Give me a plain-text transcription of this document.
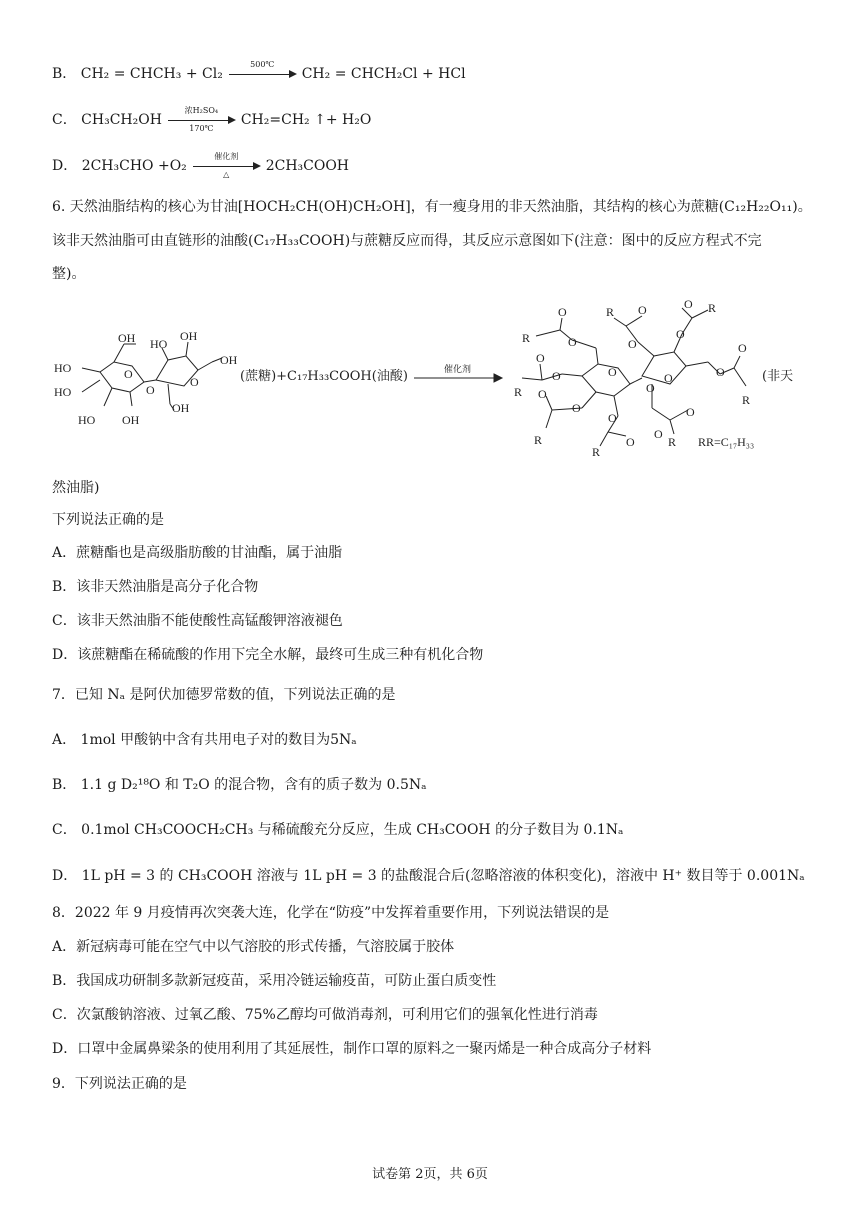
B． CH₂ = CHCH₃ + Cl₂
500℃
CH₂ = CHCH₂Cl + HCl
C． CH₃CH₂OH
浓H₂SO₄
170℃
CH₂=CH₂ ↑+ H₂O
D． 2CH₃CHO +O₂
催化剂
△
2CH₃COOH
6. 天然油脂结构的核心为甘油[HOCH₂CH(OH)CH₂OH]，有一瘦身用的非天然油脂，其结构的核心为蔗糖(C₁₂H₂₂O₁₁)。
该非天然油脂可由直链形的油酸(C₁₇H₃₃COOH)与蔗糖反应而得，其反应示意图如下(注意：图中的反应方程式不完
整)。
HO
HO
HO OH
OH
O
O
HO
OH
OH
O
OH
(蔗糖)+C₁₇H₃₃COOH(油酸)	催化剂
R
O
O
O
R
O
O
R
O
R
O
O
R O
O
O
O R
O
O
R
O
O
O
R
O
R
O
R=C₁₇H₃₃
(非天
然油脂)
下列说法正确的是
A．蔗糖酯也是高级脂肪酸的甘油酯，属于油脂
B．该非天然油脂是高分子化合物
C．该非天然油脂不能使酸性高锰酸钾溶液褪色
D．该蔗糖酯在稀硫酸的作用下完全水解，最终可生成三种有机化合物
7．已知 Nₐ 是阿伏加德罗常数的值，下列说法正确的是
A． 1mol 甲酸钠中含有共用电子对的数目为5Nₐ
B． 1.1 g D₂¹⁸O 和 T₂O 的混合物，含有的质子数为 0.5Nₐ
C． 0.1mol CH₃COOCH₂CH₃ 与稀硫酸充分反应，生成 CH₃COOH 的分子数目为 0.1Nₐ
D． 1L pH = 3 的 CH₃COOH 溶液与 1L pH = 3 的盐酸混合后(忽略溶液的体积变化)，溶液中 H⁺ 数目等于 0.001Nₐ
8．2022 年 9 月疫情再次突袭大连，化学在“防疫”中发挥着重要作用，下列说法错误的是
A．新冠病毒可能在空气中以气溶胶的形式传播，气溶胶属于胶体
B．我国成功研制多款新冠疫苗，采用冷链运输疫苗，可防止蛋白质变性
C．次氯酸钠溶液、过氧乙酸、75%乙醇均可做消毒剂，可利用它们的强氧化性进行消毒
D．口罩中金属鼻梁条的使用利用了其延展性，制作口罩的原料之一聚丙烯是一种合成高分子材料
9．下列说法正确的是
试卷第 2页，共 6页
